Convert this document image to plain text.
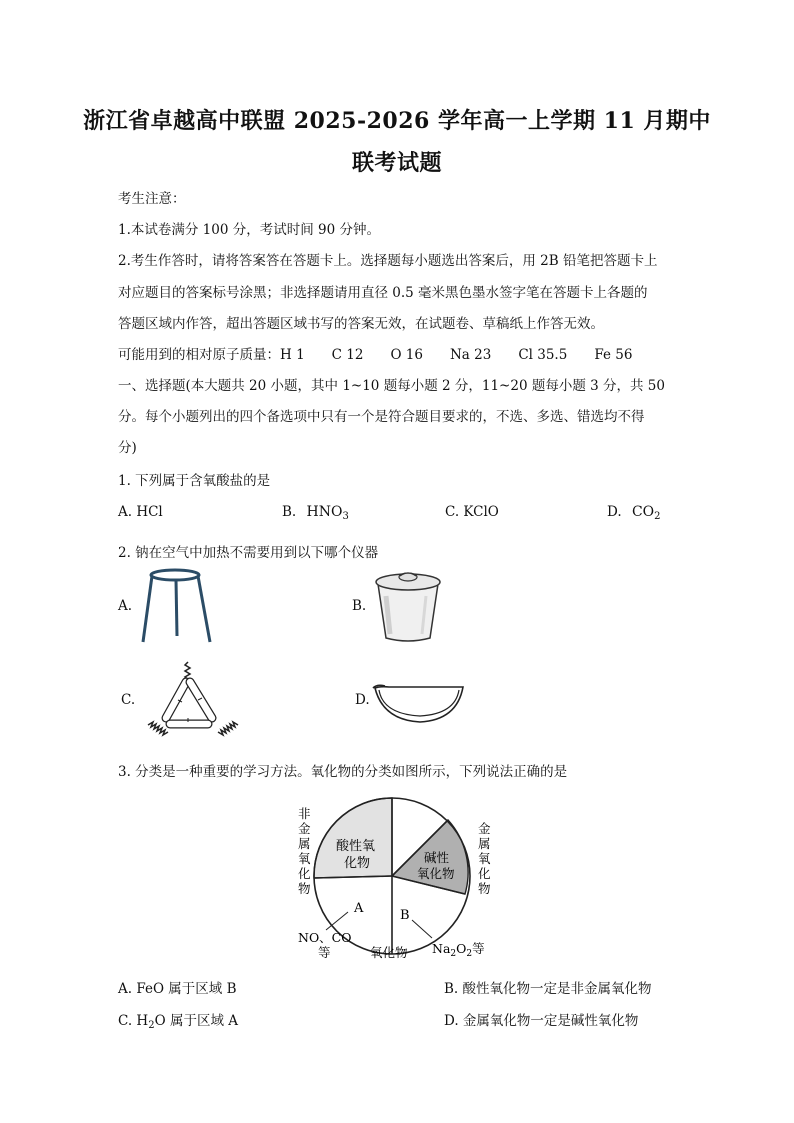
浙江省卓越高中联盟 2025-2026 学年高一上学期 11 月期中
联考试题
考生注意：
1.本试卷满分 100 分，考试时间 90 分钟。
2.考生作答时，请将答案答在答题卡上。选择题每小题选出答案后，用 2B 铅笔把答题卡上
对应题目的答案标号涂黑；非选择题请用直径 0.5 毫米黑色墨水签字笔在答题卡上各题的
答题区域内作答，超出答题区域书写的答案无效，在试题卷、草稿纸上作答无效。
可能用到的相对原子质量：H 1　　C 12　　O 16　　Na 23　　Cl 35.5　　Fe 56
一、选择题(本大题共 20 小题，其中 1~10 题每小题 2 分，11~20 题每小题 3 分，共 50
分。每个小题列出的四个备选项中只有一个是符合题目要求的，不选、多选、错选均不得
分)
1. 下列属于含氧酸盐的是
A. HCl	B. $HNO_3$	C. KClO	D. $CO_2$
2. 钠在空气中加热不需要用到以下哪个仪器
A.	B.
C.	D.
3. 分类是一种重要的学习方法。氧化物的分类如图所示，下列说法正确的是
非
金
属
氧
化
物
金
属
氧
化
物
酸性氧
化物	碱性
氧化物
A	B
NO、CO
等	氧化物 $Na_2O_2$等
A. FeO 属于区域 B	B. 酸性氧化物一定是非金属氧化物
C. $H_2O$ 属于区域 A	D. 金属氧化物一定是碱性氧化物
